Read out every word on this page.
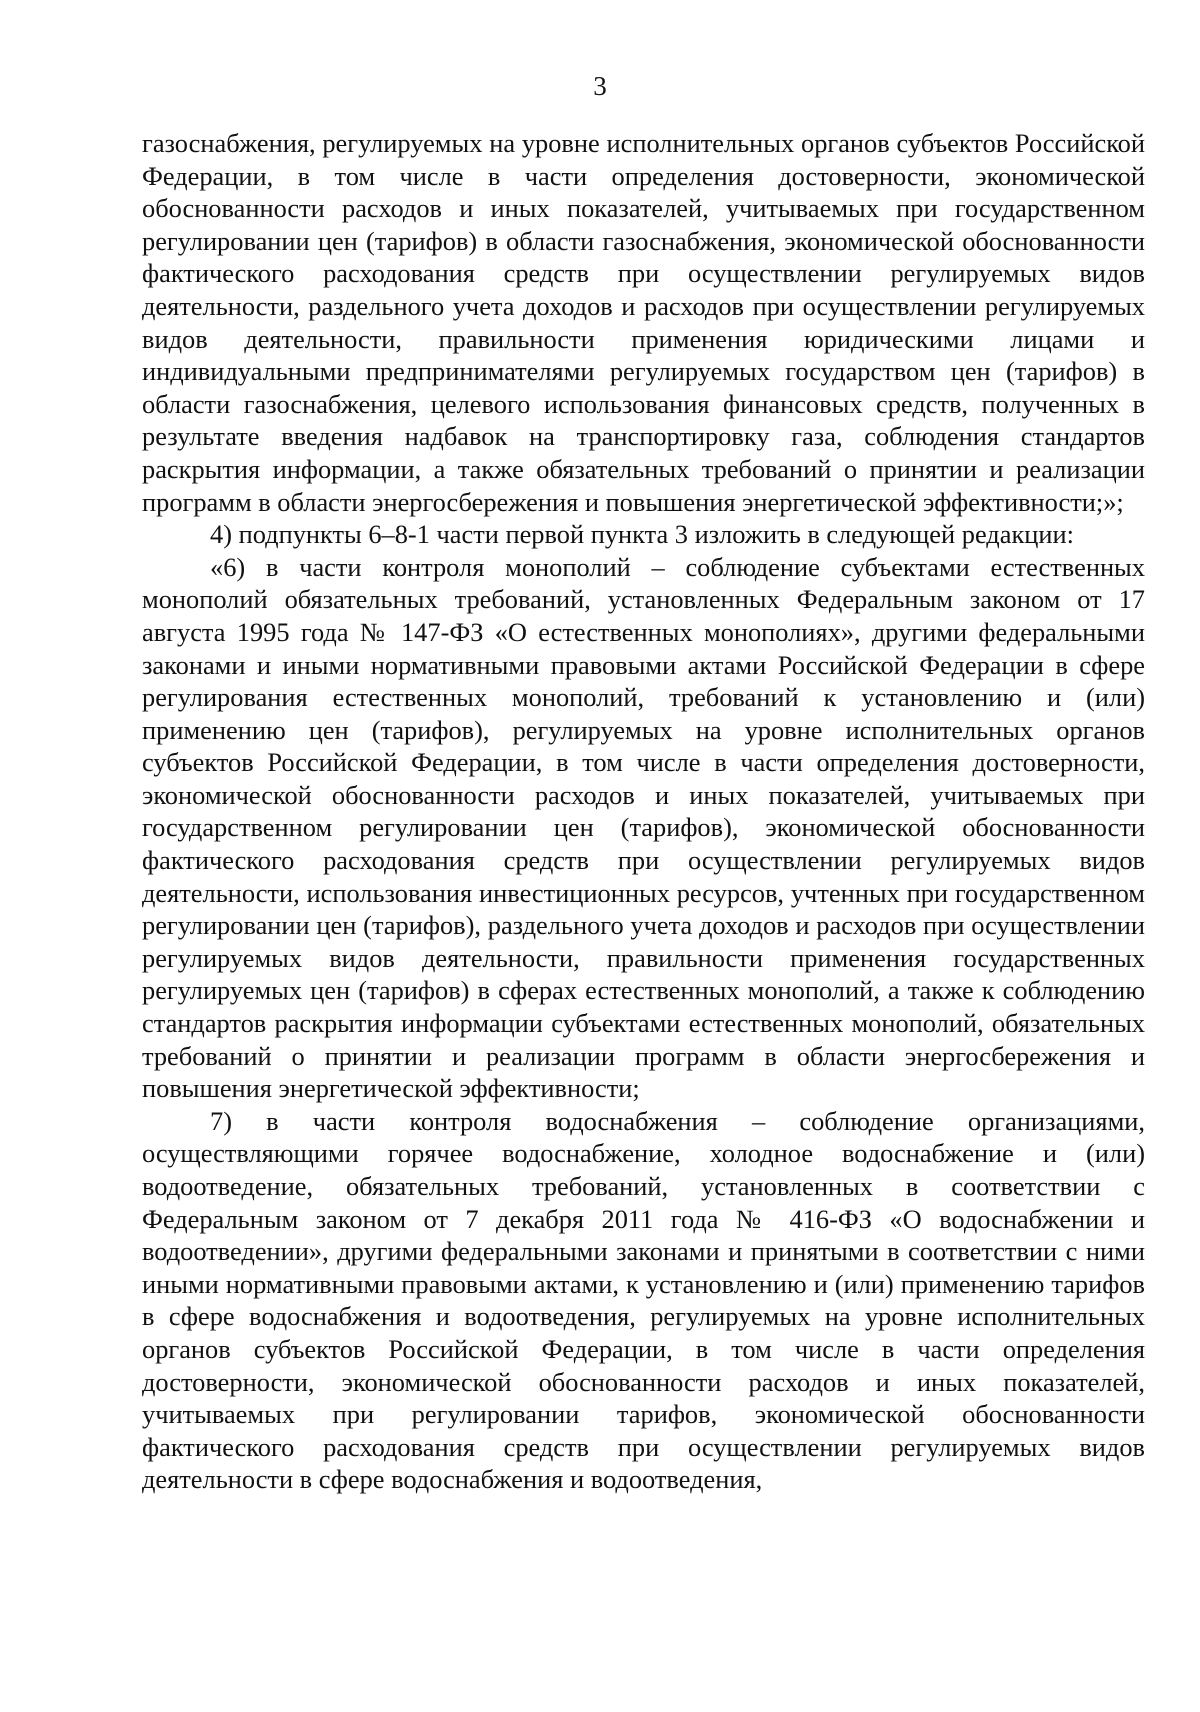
3

газоснабжения, регулируемых на уровне исполнительных органов субъектов Российской Федерации, в том числе в части определения достоверности, экономической обоснованности расходов и иных показателей, учитываемых при государственном регулировании цен (тарифов) в области газоснабжения, экономической обоснованности фактического расходования средств при осуществлении регулируемых видов деятельности, раздельного учета доходов и расходов при осуществлении регулируемых видов деятельности, правильности применения юридическими лицами и индивидуальными предпринимателями регулируемых государством цен (тарифов) в области газоснабжения, целевого использования финансовых средств, полученных в результате введения надбавок на транспортировку газа, соблюдения стандартов раскрытия информации, а также обязательных требований о принятии и реализации программ в области энергосбережения и повышения энергетической эффективности;»;

4) подпункты 6–8-1 части первой пункта 3 изложить в следующей редакции:

«6) в части контроля монополий – соблюдение субъектами естественных монополий обязательных требований, установленных Федеральным законом от 17 августа 1995 года № 147-ФЗ «О естественных монополиях», другими федеральными законами и иными нормативными правовыми актами Российской Федерации в сфере регулирования естественных монополий, требований к установлению и (или) применению цен (тарифов), регулируемых на уровне исполнительных органов субъектов Российской Федерации, в том числе в части определения достоверности, экономической обоснованности расходов и иных показателей, учитываемых при государственном регулировании цен (тарифов), экономической обоснованности фактического расходования средств при осуществлении регулируемых видов деятельности, использования инвестиционных ресурсов, учтенных при государственном регулировании цен (тарифов), раздельного учета доходов и расходов при осуществлении регулируемых видов деятельности, правильности применения государственных регулируемых цен (тарифов) в сферах естественных монополий, а также к соблюдению стандартов раскрытия информации субъектами естественных монополий, обязательных требований о принятии и реализации программ в области энергосбережения и повышения энергетической эффективности;

7) в части контроля водоснабжения – соблюдение организациями, осуществляющими горячее водоснабжение, холодное водоснабжение и (или) водоотведение, обязательных требований, установленных в соответствии с Федеральным законом от 7 декабря 2011 года № 416-ФЗ «О водоснабжении и водоотведении», другими федеральными законами и принятыми в соответствии с ними иными нормативными правовыми актами, к установлению и (или) применению тарифов в сфере водоснабжения и водоотведения, регулируемых на уровне исполнительных органов субъектов Российской Федерации, в том числе в части определения достоверности, экономической обоснованности расходов и иных показателей, учитываемых при регулировании тарифов, экономической обоснованности фактического расходования средств при осуществлении регулируемых видов деятельности в сфере водоснабжения и водоотведения,
